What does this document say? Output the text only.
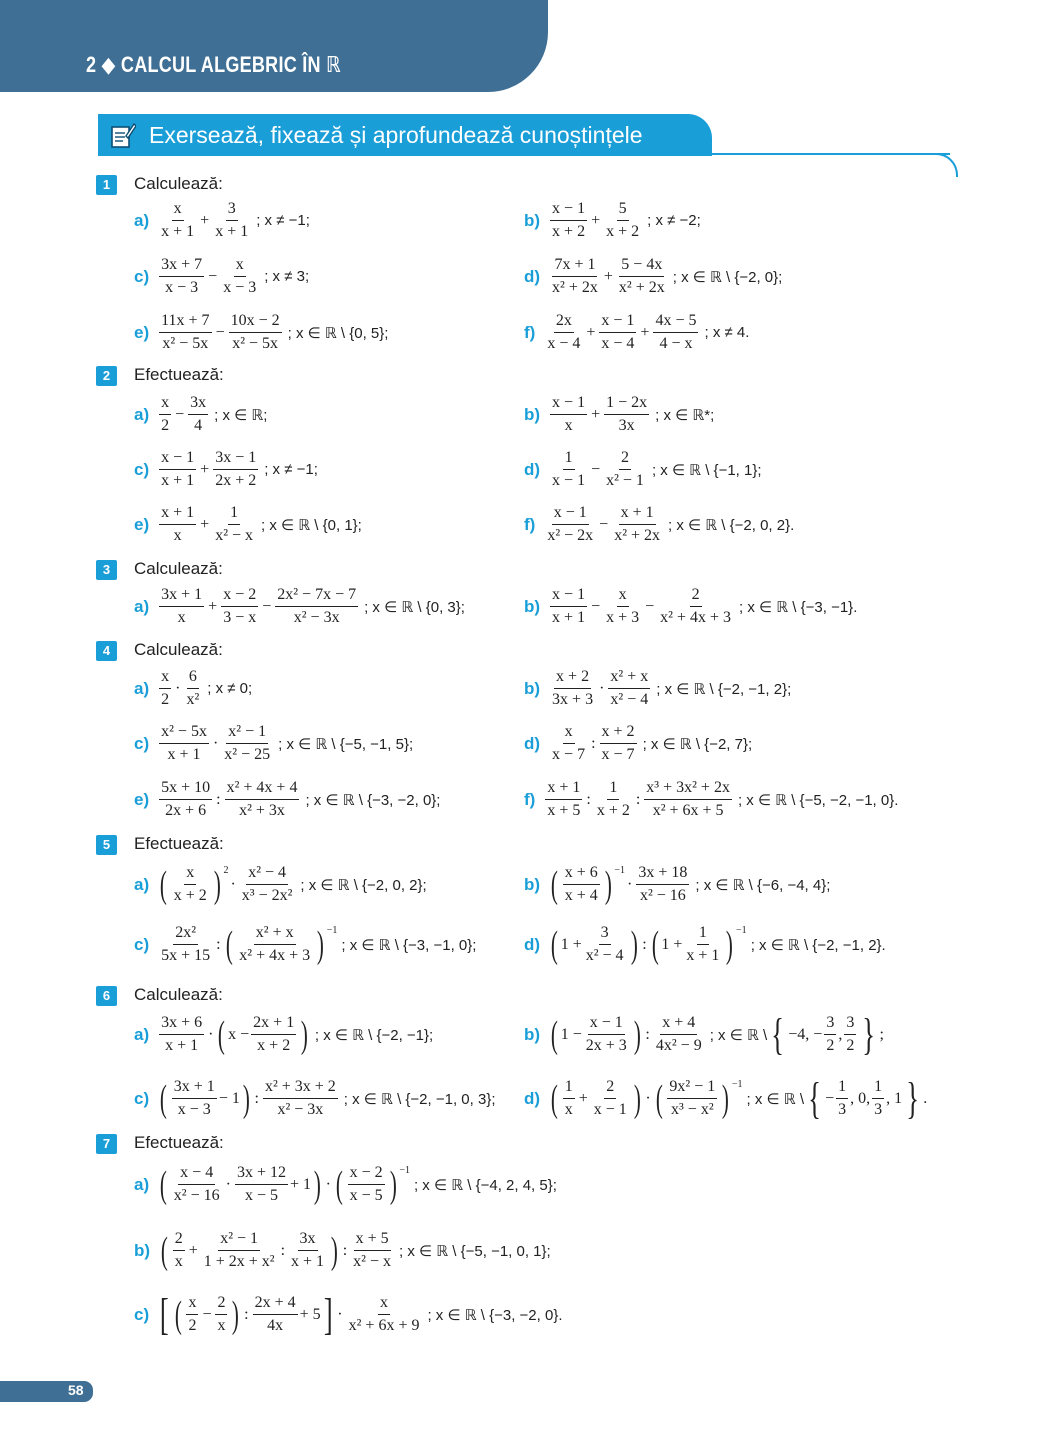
2 ◆ CALCUL ALGEBRIC ÎN ℝ
Exersează, fixează și aprofundează cunoștințele
1	Calculează:
$a) \frac{x}{x + 1} + \frac{3}{x + 1}$ ; x ≠ −1;	$b) \frac{x - 1}{x + 2} + \frac{5}{x + 2}$ ; x ≠ −2;
$c) \frac{3x + 7}{x - 3} - \frac{x}{x - 3}$ ; x ≠ 3;	$d) \frac{7x + 1}{\text{x² + 2x}} + \frac{5 - 4x}{\text{x² + 2x}}$ ; x ∈ ℝ \ {−2, 0};
$e) \frac{11x + 7}{\text{x² − 5x}} - \frac{10x - 2}{\text{x² − 5x}}$ ; x ∈ ℝ \ {0, 5};	$f) \frac{2x}{x - 4} + \frac{x - 1}{x - 4} + \frac{4x - 5}{4 - x}$ ; x ≠ 4.
2	Efectuează:
$a) \frac{x}{2} - \frac{3x}{4}$ ; x ∈ ℝ;	$b) \frac{x - 1}{x} + \frac{1 - 2x}{3x}$ ; x ∈ ℝ*;
$c) \frac{x - 1}{x + 1} + \frac{3x - 1}{2x + 2}$ ; x ≠ −1;	$d) \frac{1}{x - 1} - \frac{2}{\text{x² − 1}}$ ; x ∈ ℝ \ {−1, 1};
$e) \frac{x + 1}{x} + \frac{1}{\text{x² − x}}$ ; x ∈ ℝ \ {0, 1};	$f) \frac{x - 1}{\text{x² − 2x}} - \frac{x + 1}{\text{x² + 2x}}$ ; x ∈ ℝ \ {−2, 0, 2}.
3	Calculează:
$a) \frac{3x + 1}{x} + \frac{x - 2}{3 - x} - \frac{\text{2x² − 7x − 7}}{\text{x² − 3x}}$ ; x ∈ ℝ \ {0, 3};	$b) \frac{x - 1}{x + 1} - \frac{x}{x + 3} - \frac{2}{\text{x² + 4x + 3}}$ ; x ∈ ℝ \ {−3, −1}.
4	Calculează:
$a) \frac{x}{2} \cdot \frac{6}{\text{x²}}$ ; x ≠ 0;	$b) \frac{x + 2}{3x + 3} \cdot \frac{\text{x² + x}}{\text{x² − 4}}$ ; x ∈ ℝ \ {−2, −1, 2};
$c) \frac{\text{x² − 5x}}{x + 1} \cdot \frac{\text{x² − 1}}{\text{x² − 25}}$ ; x ∈ ℝ \ {−5, −1, 5};	$d) \frac{x}{x - 7}$ : $\frac{x + 2}{x - 7}$ ; x ∈ ℝ \ {−2, 7};
$e) \frac{5x + 10}{2x + 6}$ : $\frac{\text{x² + 4x + 4}}{\text{x² + 3x}}$ ; x ∈ ℝ \ {−3, −2, 0};	$f) \frac{x + 1}{x + 5}$ : $\frac{1}{x + 2}$ : $\frac{\text{x³ + 3x² + 2x}}{\text{x² + 6x + 5}}$ ; x ∈ ℝ \ {−5, −2, −1, 0}.
5	Efectuează:
a) ( $\frac{x}{x + 2}$ ) 2
· $\frac{\text{x² − 4}}{\text{x³ − 2x²}}$ ; x ∈ ℝ \ {−2, 0, 2};	b) ( $\frac{x + 6}{x + 4}$ ) −1
· $\frac{3x + 18}{\text{x² − 16}}$ ; x ∈ ℝ \ {−6, −4, 4};
$c) \frac{\text{2x²}}{5x + 15}$ : ( $\frac{\text{x² + x}}{\text{x² + 4x + 3}}$ ) −1
; x ∈ ℝ \ {−3, −1, 0};	d) ( $1 + \frac{3}{\text{x² − 4}}$ ) : ( $1 + \frac{1}{x + 1}$ ) −1
; x ∈ ℝ \ {−2, −1, 2}.
6	Calculează:
$a) \frac{3x + 6}{x + 1}$ · ( $x - \frac{2x + 1}{x + 2}$ ) ; x ∈ ℝ \ {−2, −1};	b) ( $1 - \frac{x - 1}{2x + 3}$ ) : $\frac{x + 4}{\text{4x² − 9}}$ ; x ∈ ℝ \ { −4, − $\frac{3}{2}$ , $\frac{3}{2}$ } ;
c) ( $\frac{3x + 1}{x - 3} - 1$ ) : $\frac{\text{x² + 3x + 2}}{\text{x² − 3x}}$ ; x ∈ ℝ \ {−2, −1, 0, 3}; d) ( $\frac{1}{x} + \frac{2}{x - 1}$ ) · ( $\frac{\text{9x² − 1}}{\text{x³ − x²}}$ ) −1
; x ∈ ℝ \ { − $\frac{1}{3}$ , 0, $\frac{1}{3}$ , 1 } .
7	Efectuează:
a) ( $\frac{x - 4}{\text{x² − 16}} \cdot \frac{3x + 12}{x - 5} + 1$ ) · ( $\frac{x - 2}{x - 5}$ ) −1
; x ∈ ℝ \ {−4, 2, 4, 5};
b) ( $\frac{2}{x} + \frac{\text{x² − 1}}{\text{1 + 2x + x²}}$ : $\frac{3x}{x + 1}$ ) : $\frac{x + 5}{\text{x² − x}}$ ; x ∈ ℝ \ {−5, −1, 0, 1};
c) [ ( $\frac{x}{2} - \frac{2}{x}$ ) : $\frac{2x + 4}{4x} + 5$ ] · $\frac{x}{\text{x² + 6x + 9}}$ ; x ∈ ℝ \ {−3, −2, 0}.
58
